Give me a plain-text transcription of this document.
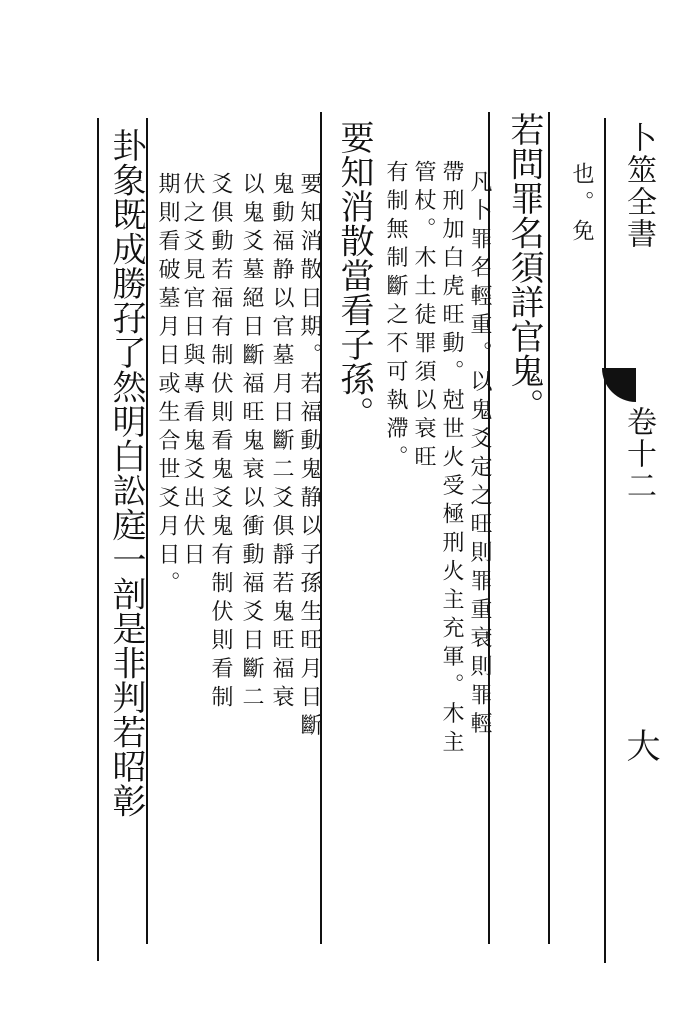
卦象既成勝孖了然明白訟庭一剖是非判若昭彰 期則看破墓月日或生合世爻月日。 伏之爻見官日與專看鬼爻出伏日 爻俱動若福有制伏則看鬼爻鬼有制伏則看制 以鬼爻墓絕日斷福旺鬼衰以衝動福爻日斷二 鬼動福静以官墓月日斷二爻俱靜若鬼旺福衰 要知消散日期。若福動鬼静以子孫生旺月日斷 要知消散當看子孫。 有制無制斷之不可執滯。 管杖。木土徒罪須以衰旺 帶刑加白虎旺動。尅世火受極刑火主充軍。木主 凡卜罪名輕重。以鬼爻定之旺則罪重衰則罪輕 若問罪名須詳官鬼。 也。免 卜筮全書
卷十二
大
